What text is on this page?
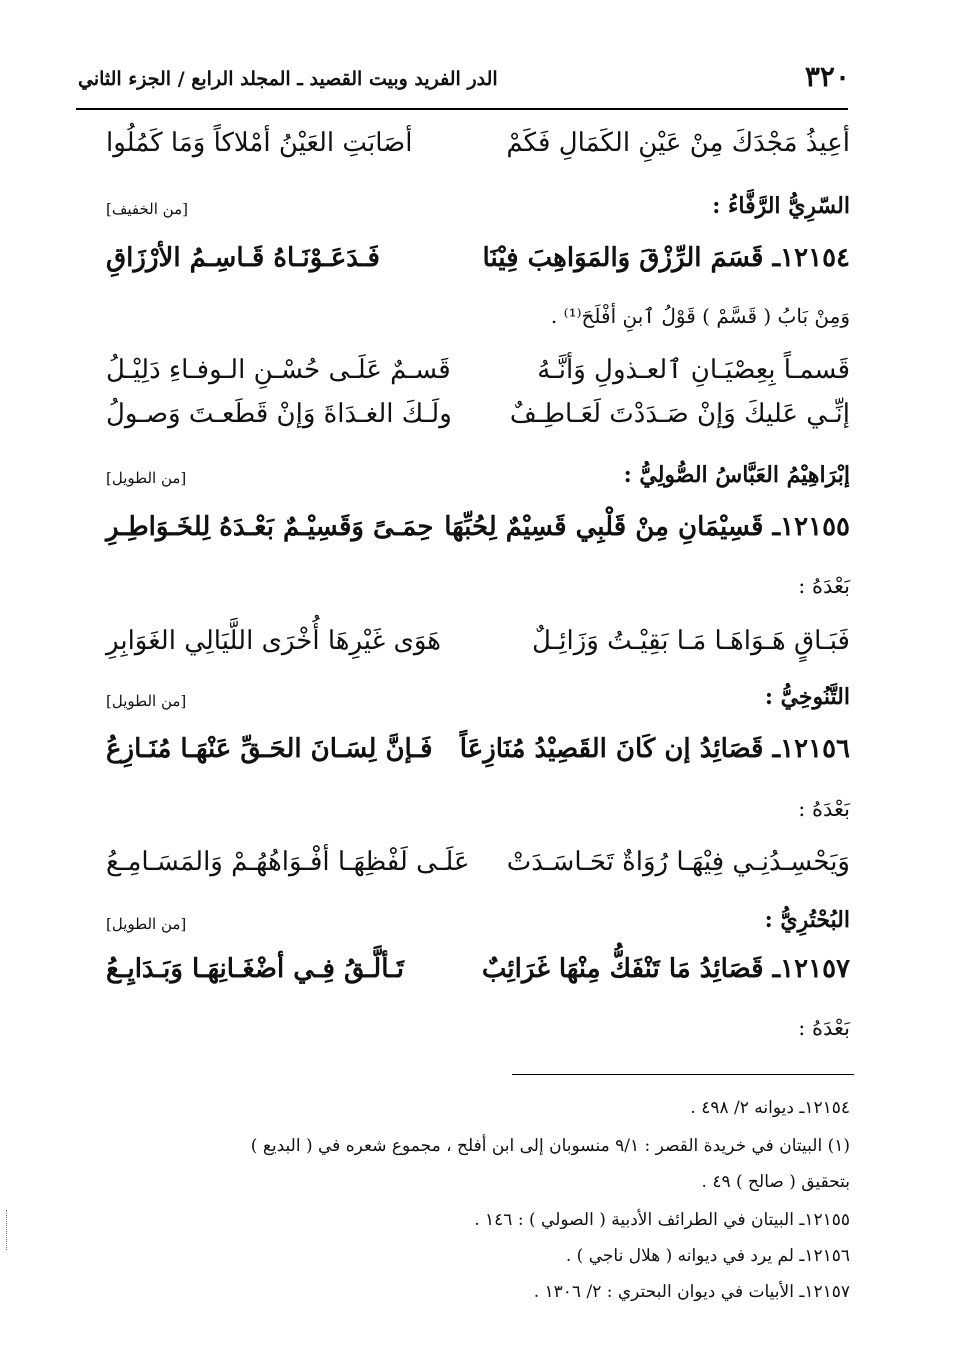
٣٢٠
الدر الفريد وبيت القصيد ـ المجلد الرابع / الجزء الثاني
أعِيذُ مَجْدَكَ مِنْ عَيْنِ الكَمَالِ فَكَمْ
أصَابَتِ العَيْنُ أمْلاكاً وَمَا كَمُلُوا
السّرِيُّ الرَّفَّاءُ :
[من الخفيف]
١٢١٥٤ـ قَسَمَ الرِّزْقَ وَالمَوَاهِبَ فِيْنَا
فَـدَعَـوْنَـاهُ قَـاسِـمُ الأرْزَاقِ
وَمِنْ بَابُ ( قَسَّمْ ) قَوْلُ ٱبنِ أفْلَحَ⁽¹⁾ .
قَسمـاً بِعِصْيَـانِ ٱلعـذولِ وَأنَّـهُ
قَسـمٌ عَلَـى حُسْـنِ الـوفـاءِ دَلِيْـلُ
إنِّـي عَليكَ وَإنْ صَـدَدْتَ لَعَـاطِـفٌ
ولَـكَ الغـدَاةَ وَإنْ قَطَعـتَ وَصـولُ
إبْرَاهِيْمُ العَبَّاسُ الصُّولِيُّ :
[من الطويل]
١٢١٥٥ـ قَسِيْمَانِ مِنْ قَلْبِي قَسِيْمٌ لِحُبِّهَا
حِمَـىً وَقَسِيْـمٌ بَعْـدَهُ لِلخَـوَاطِـرِ
بَعْدَهُ :
فَبَـاقٍ هَـوَاهَـا مَـا بَقِيْـتُ وَزَائِـلٌ
هَوَى غَيْرِهَا أُخْرَى اللَّيَالِي الغَوَابِرِ
التَّنُوخِيُّ :
[من الطويل]
١٢١٥٦ـ قَصَائِدُ إن كَانَ القَصِيْدُ مُنَازِعَاً
فَـإنَّ لِسَـانَ الحَـقِّ عَنْهَـا مُنَـازِعُ
بَعْدَهُ :
وَيَحْسِـدُنِـي فِيْهَـا رُوَاةٌ تَحَـاسَـدَتْ
عَلَـى لَفْظِهَـا أفْـوَاهُهُـمْ وَالمَسَـامِـعُ
البُحْتُرِيُّ :
[من الطويل]
١٢١٥٧ـ قَصَائِدُ مَا تَنْفَكُّ مِنْهَا غَرَائِبٌ
تَـألَّـقُ فِـي أضْغَـانِهَـا وَبَـدَايِـعُ
بَعْدَهُ :
١٢١٥٤ـ ديوانه ٢/ ٤٩٨ .
(١) البيتان في خريدة القصر : ٩/١ منسوبان إلى ابن أفلح ، مجموع شعره في ( البديع )
بتحقيق ( صالح ) ٤٩ .
١٢١٥٥ـ البيتان في الطرائف الأدبية ( الصولي ) : ١٤٦ .
١٢١٥٦ـ لم يرد في ديوانه ( هلال ناجي ) .
١٢١٥٧ـ الأبيات في ديوان البحتري : ٢/ ١٣٠٦ .
